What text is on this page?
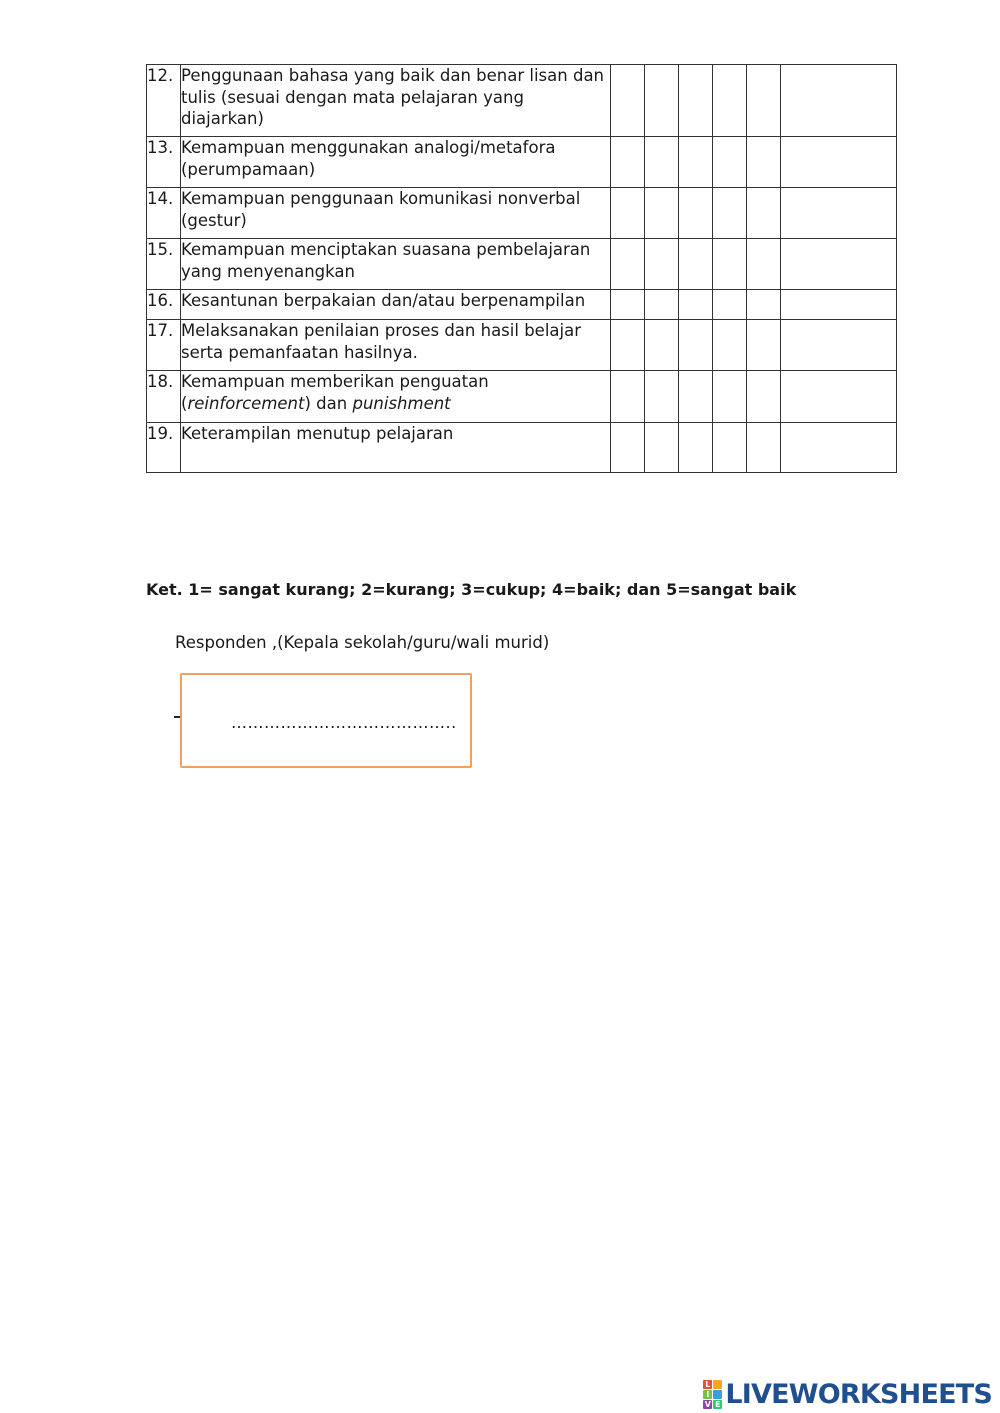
12.	Penggunaan bahasa yang baik dan benar lisan dan tulis (sesuai dengan mata pelajaran yang diajarkan)						
13.	Kemampuan menggunakan analogi/metafora (perumpamaan)						
14.	Kemampuan penggunaan komunikasi nonverbal (gestur)						
15.	Kemampuan menciptakan suasana pembelajaran yang menyenangkan						
16.	Kesantunan berpakaian dan/atau berpenampilan						
17.	Melaksanakan penilaian proses dan hasil belajar serta pemanfaatan hasilnya.						
18.	Kemampuan memberikan penguatan (reinforcement) dan punishment						
19.	Keterampilan menutup pelajaran						
Ket. 1= sangat kurang; 2=kurang; 3=cukup; 4=baik; dan 5=sangat baik
Responden ,(Kepala sekolah/guru/wali murid)
…………………………………..
L
I
V E LIVEWORKSHEETS
